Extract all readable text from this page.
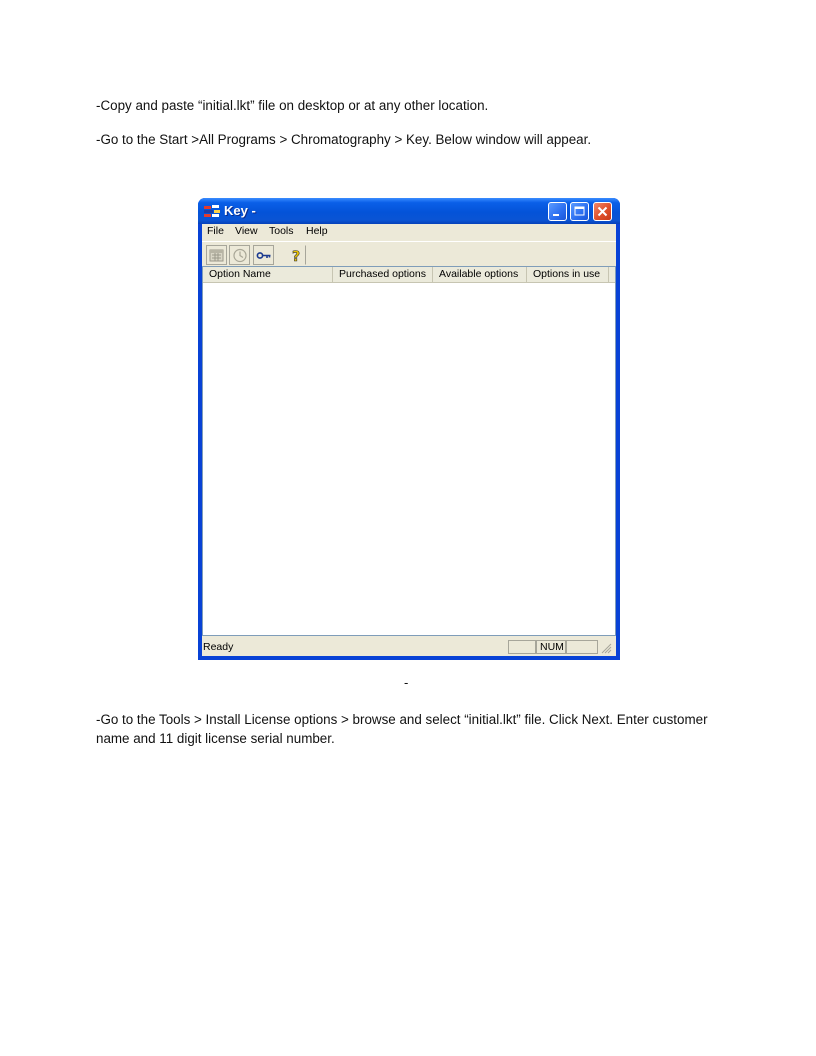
-Copy and paste “initial.lkt” file on desktop or at any other location.

-Go to the Start >All Programs > Chromatography > Key. Below window will appear.

Key -
File View Tools Help
?
Option Name	Purchased options	Available options	Options in use
Ready	NUM
-

-Go to the Tools > Install License options > browse and select “initial.lkt” file. Click Next. Enter customer name and 11 digit license serial number.
